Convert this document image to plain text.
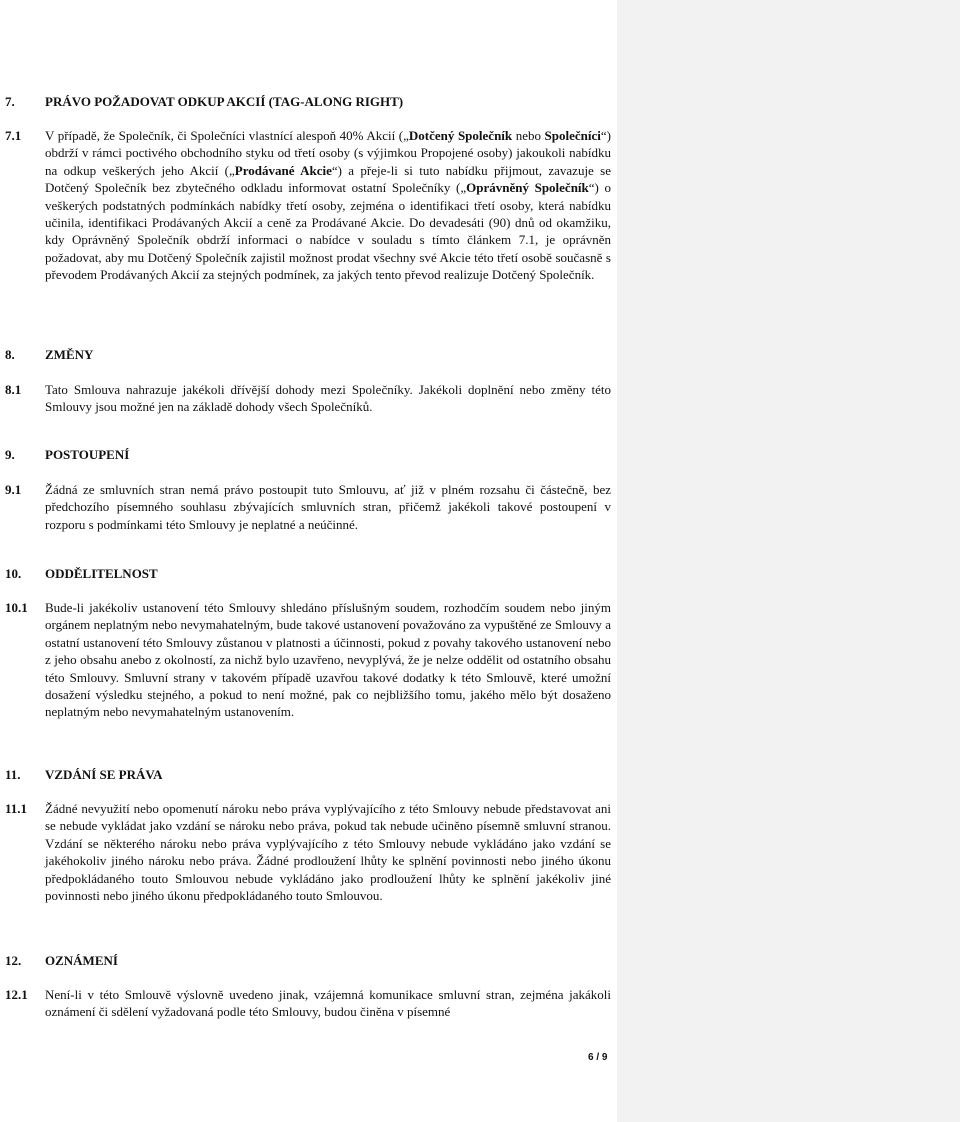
7.	PRÁVO POŽADOVAT ODKUP AKCIÍ (TAG-ALONG RIGHT)
7.1	V případě, že Společník, či Společníci vlastnící alespoň 40% Akcií („Dotčený Společník nebo Společníci“) obdrží v rámci poctivého obchodního styku od třetí osoby (s výjimkou Propojené osoby) jakoukoli nabídku na odkup veškerých jeho Akcií („Prodávané Akcie“) a přeje-li si tuto nabídku přijmout, zavazuje se Dotčený Společník bez zbytečného odkladu informovat ostatní Společníky („Oprávněný Společník“) o veškerých podstatných podmínkách nabídky třetí osoby, zejména o identifikaci třetí osoby, která nabídku učinila, identifikaci Prodávaných Akcií a ceně za Prodávané Akcie. Do devadesáti (90) dnů od okamžiku, kdy Oprávněný Společník obdrží informaci o nabídce v souladu s tímto článkem 7.1, je oprávněn požadovat, aby mu Dotčený Společník zajistil možnost prodat všechny své Akcie této třetí osobě současně s převodem Prodávaných Akcií za stejných podmínek, za jakých tento převod realizuje Dotčený Společník.
8.	ZMĚNY
8.1	Tato Smlouva nahrazuje jakékoli dřívější dohody mezi Společníky. Jakékoli doplnění nebo změny této Smlouvy jsou možné jen na základě dohody všech Společníků.
9.	POSTOUPENÍ
9.1	Žádná ze smluvních stran nemá právo postoupit tuto Smlouvu, ať již v plném rozsahu či částečně, bez předchozího písemného souhlasu zbývajících smluvních stran, přičemž jakékoli takové postoupení v rozporu s podmínkami této Smlouvy je neplatné a neúčinné.
10.	ODDĚLITELNOST
10.1	Bude-li jakékoliv ustanovení této Smlouvy shledáno příslušným soudem, rozhodčím soudem nebo jiným orgánem neplatným nebo nevymahatelným, bude takové ustanovení považováno za vypuštěné ze Smlouvy a ostatní ustanovení této Smlouvy zůstanou v platnosti a účinnosti, pokud z povahy takového ustanovení nebo z jeho obsahu anebo z okolností, za nichž bylo uzavřeno, nevyplývá, že je nelze oddělit od ostatního obsahu této Smlouvy. Smluvní strany v takovém případě uzavřou takové dodatky k této Smlouvě, které umožní dosažení výsledku stejného, a pokud to není možné, pak co nejbližšího tomu, jakého mělo být dosaženo neplatným nebo nevymahatelným ustanovením.
11.	VZDÁNÍ SE PRÁVA
11.1	Žádné nevyužití nebo opomenutí nároku nebo práva vyplývajícího z této Smlouvy nebude představovat ani se nebude vykládat jako vzdání se nároku nebo práva, pokud tak nebude učiněno písemně smluvní stranou. Vzdání se některého nároku nebo práva vyplývajícího z této Smlouvy nebude vykládáno jako vzdání se jakéhokoliv jiného nároku nebo práva. Žádné prodloužení lhůty ke splnění povinnosti nebo jiného úkonu předpokládaného touto Smlouvou nebude vykládáno jako prodloužení lhůty ke splnění jakékoliv jiné povinnosti nebo jiného úkonu předpokládaného touto Smlouvou.
12.	OZNÁMENÍ
12.1	Není-li v této Smlouvě výslovně uvedeno jinak, vzájemná komunikace smluvní stran, zejména jakákoli oznámení či sdělení vyžadovaná podle této Smlouvy, budou činěna v písemné
6 / 9
